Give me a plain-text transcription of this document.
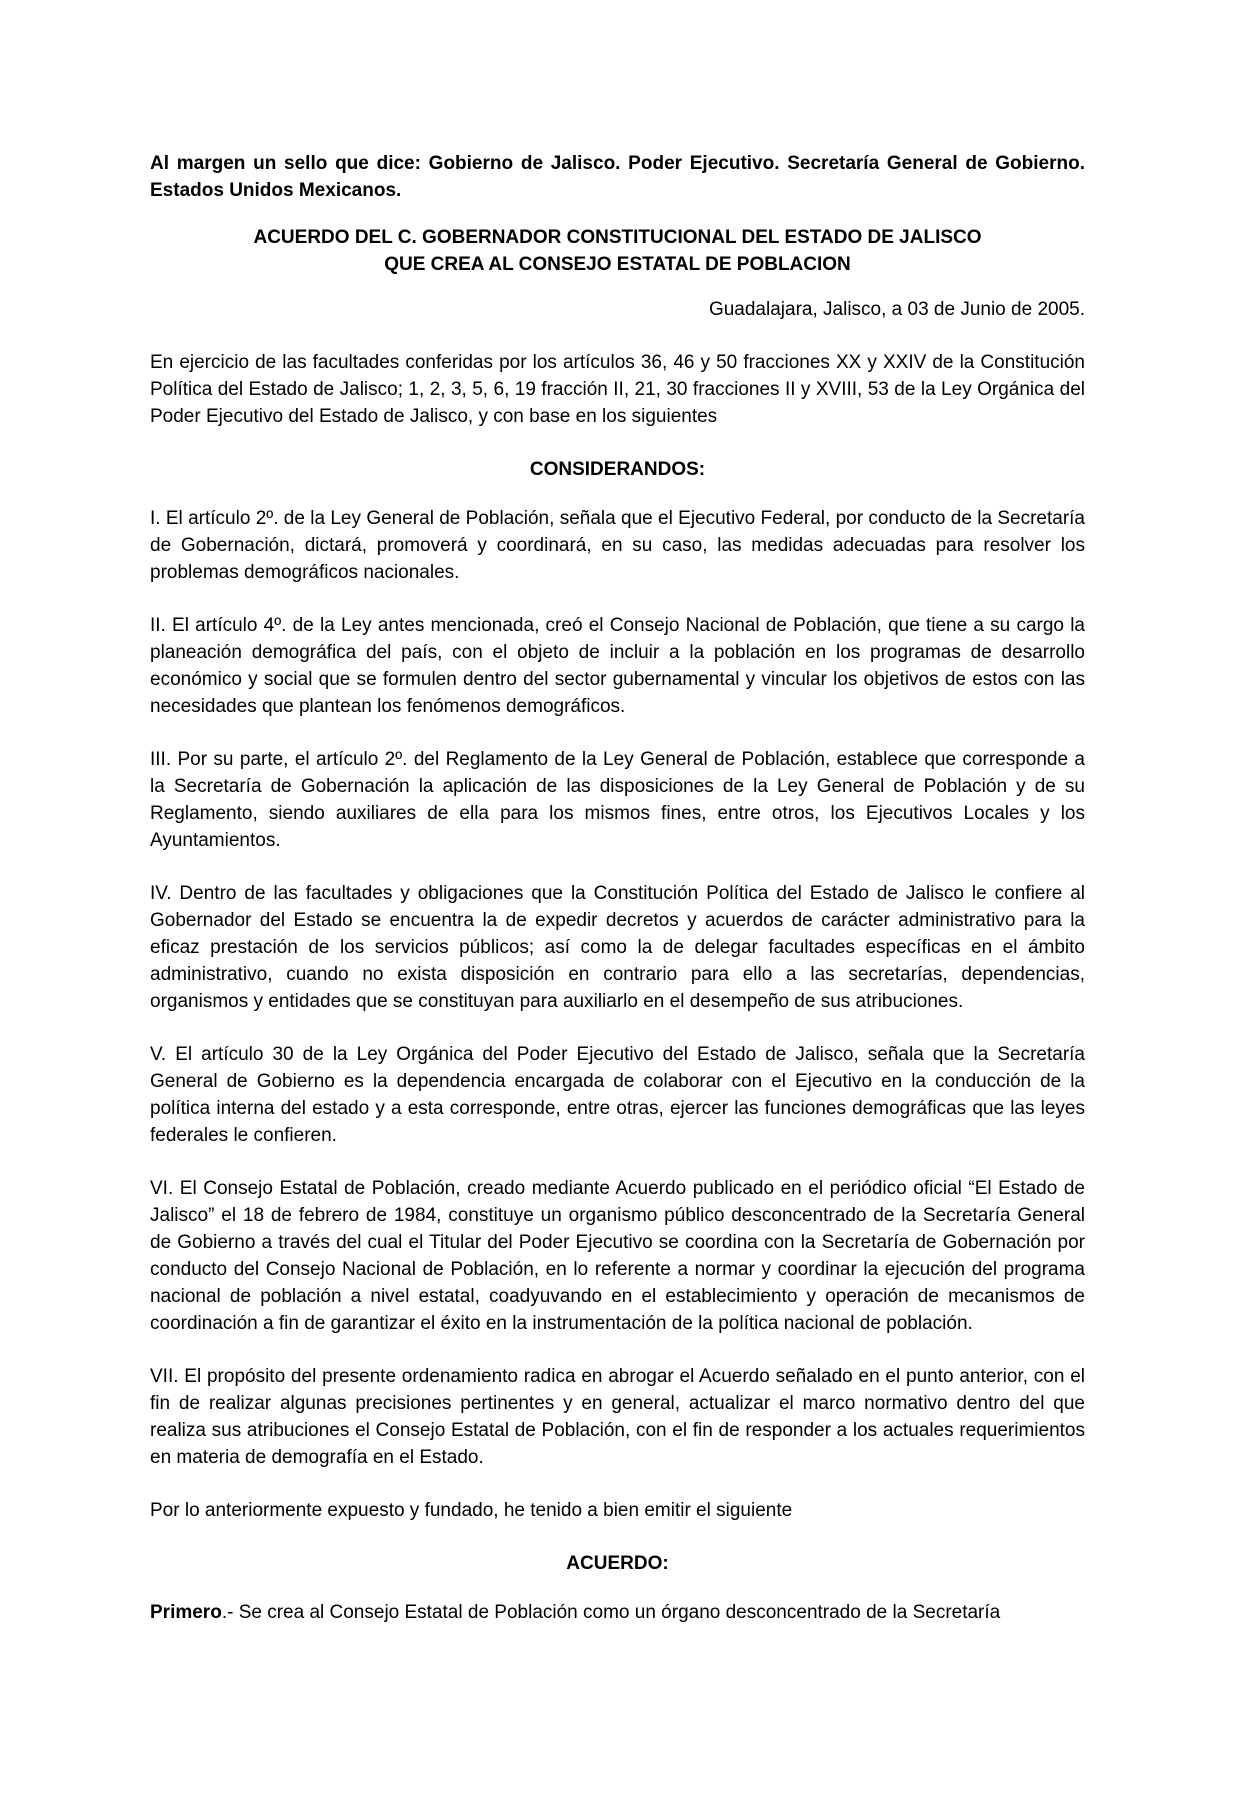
Al margen un sello que dice: Gobierno de Jalisco. Poder Ejecutivo. Secretaría General de Gobierno. Estados Unidos Mexicanos.

ACUERDO DEL C. GOBERNADOR CONSTITUCIONAL DEL ESTADO DE JALISCO

QUE CREA AL CONSEJO ESTATAL DE POBLACION

Guadalajara, Jalisco, a 03 de Junio de 2005.

En ejercicio de las facultades conferidas por los artículos 36, 46 y 50 fracciones XX y XXIV de la Constitución Política del Estado de Jalisco; 1, 2, 3, 5, 6, 19 fracción II, 21, 30 fracciones II y XVIII, 53 de la Ley Orgánica del Poder Ejecutivo del Estado de Jalisco, y con base en los siguientes

CONSIDERANDOS:

I. El artículo 2º. de la Ley General de Población, señala que el Ejecutivo Federal, por conducto de la Secretaría de Gobernación, dictará, promoverá y coordinará, en su caso, las medidas adecuadas para resolver los problemas demográficos nacionales.

II. El artículo 4º. de la Ley antes mencionada, creó el Consejo Nacional de Población, que tiene a su cargo la planeación demográfica del país, con el objeto de incluir a la población en los programas de desarrollo económico y social que se formulen dentro del sector gubernamental y vincular los objetivos de estos con las necesidades que plantean los fenómenos demográficos.

III. Por su parte, el artículo 2º. del Reglamento de la Ley General de Población, establece que corresponde a la Secretaría de Gobernación la aplicación de las disposiciones de la Ley General de Población y de su Reglamento, siendo auxiliares de ella para los mismos fines, entre otros, los Ejecutivos Locales y los Ayuntamientos.

IV. Dentro de las facultades y obligaciones que la Constitución Política del Estado de Jalisco le confiere al Gobernador del Estado se encuentra la de expedir decretos y acuerdos de carácter administrativo para la eficaz prestación de los servicios públicos; así como la de delegar facultades específicas en el ámbito administrativo, cuando no exista disposición en contrario para ello a las secretarías, dependencias, organismos y entidades que se constituyan para auxiliarlo en el desempeño de sus atribuciones.

V. El artículo 30 de la Ley Orgánica del Poder Ejecutivo del Estado de Jalisco, señala que la Secretaría General de Gobierno es la dependencia encargada de colaborar con el Ejecutivo en la conducción de la política interna del estado y a esta corresponde, entre otras, ejercer las funciones demográficas que las leyes federales le confieren.

VI. El Consejo Estatal de Población, creado mediante Acuerdo publicado en el periódico oficial “El Estado de Jalisco” el 18 de febrero de 1984, constituye un organismo público desconcentrado de la Secretaría General de Gobierno a través del cual el Titular del Poder Ejecutivo se coordina con la Secretaría de Gobernación por conducto del Consejo Nacional de Población, en lo referente a normar y coordinar la ejecución del programa nacional de población a nivel estatal, coadyuvando en el establecimiento y operación de mecanismos de coordinación a fin de garantizar el éxito en la instrumentación de la política nacional de población.

VII. El propósito del presente ordenamiento radica en abrogar el Acuerdo señalado en el punto anterior, con el fin de realizar algunas precisiones pertinentes y en general, actualizar el marco normativo dentro del que realiza sus atribuciones el Consejo Estatal de Población, con el fin de responder a los actuales requerimientos en materia de demografía en el Estado.

Por lo anteriormente expuesto y fundado, he tenido a bien emitir el siguiente

ACUERDO:

Primero.- Se crea al Consejo Estatal de Población como un órgano desconcentrado de la Secretaría
